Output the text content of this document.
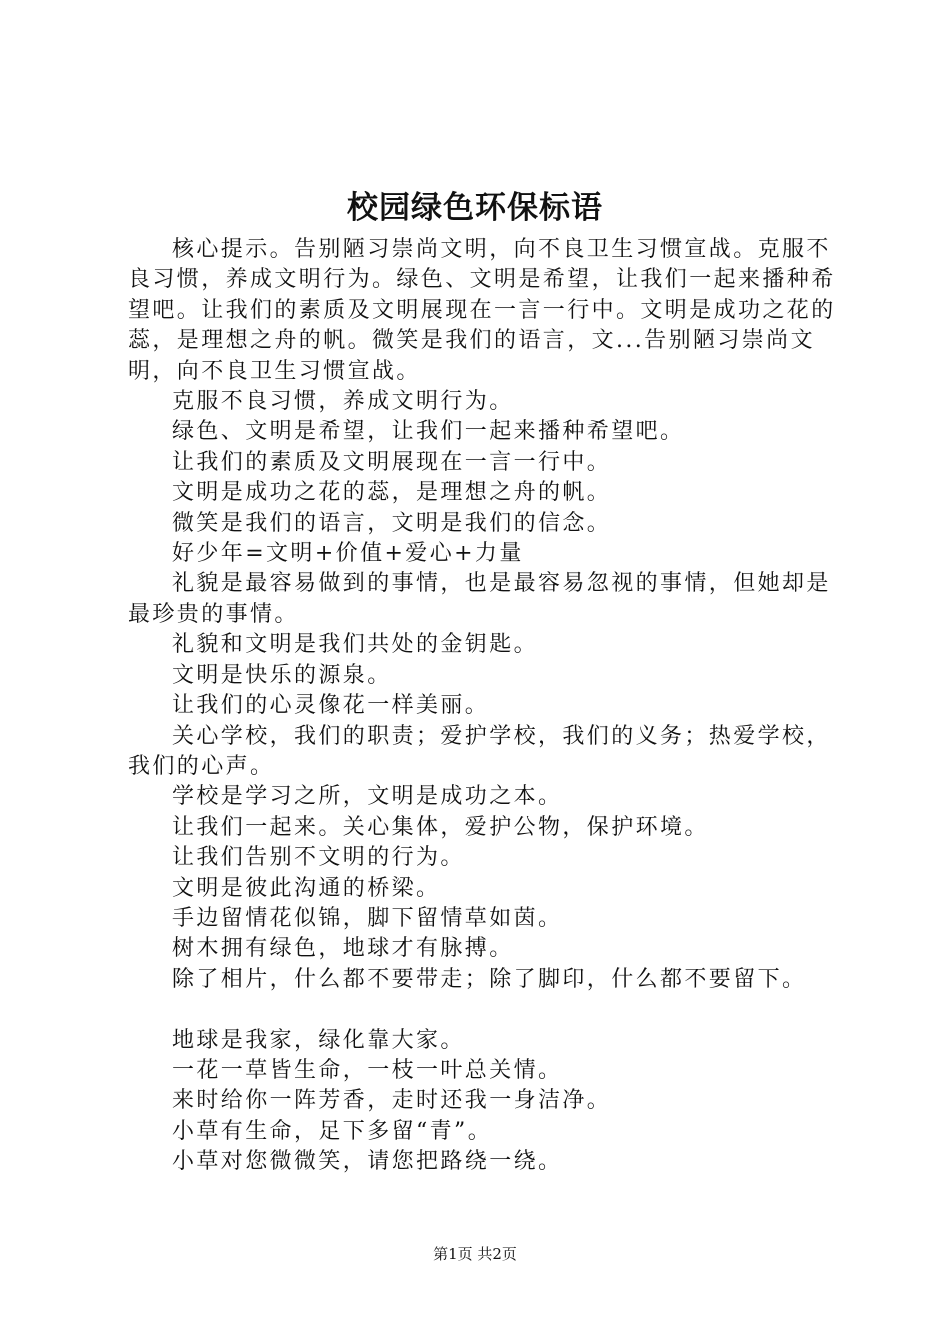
校园绿色环保标语

核心提示。告别陋习崇尚文明，向不良卫生习惯宣战。克服不良习惯，养成文明行为。绿色、文明是希望，让我们一起来播种希望吧。让我们的素质及文明展现在一言一行中。文明是成功之花的蕊，是理想之舟的帆。微笑是我们的语言，文...告别陋习崇尚文明，向不良卫生习惯宣战。

克服不良习惯，养成文明行为。

绿色、文明是希望，让我们一起来播种希望吧。

让我们的素质及文明展现在一言一行中。

文明是成功之花的蕊，是理想之舟的帆。

微笑是我们的语言，文明是我们的信念。

好少年=文明+价值+爱心+力量

礼貌是最容易做到的事情，也是最容易忽视的事情，但她却是最珍贵的事情。

礼貌和文明是我们共处的金钥匙。

文明是快乐的源泉。

让我们的心灵像花一样美丽。

关心学校，我们的职责；爱护学校，我们的义务；热爱学校，我们的心声。

学校是学习之所，文明是成功之本。

让我们一起来。关心集体，爱护公物，保护环境。

让我们告别不文明的行为。

文明是彼此沟通的桥梁。

手边留情花似锦，脚下留情草如茵。

树木拥有绿色，地球才有脉搏。

除了相片，什么都不要带走；除了脚印，什么都不要留下。

地球是我家，绿化靠大家。

一花一草皆生命，一枝一叶总关情。

来时给你一阵芳香，走时还我一身洁净。

小草有生命，足下多留“青”。

小草对您微微笑，请您把路绕一绕。

第1页 共2页
